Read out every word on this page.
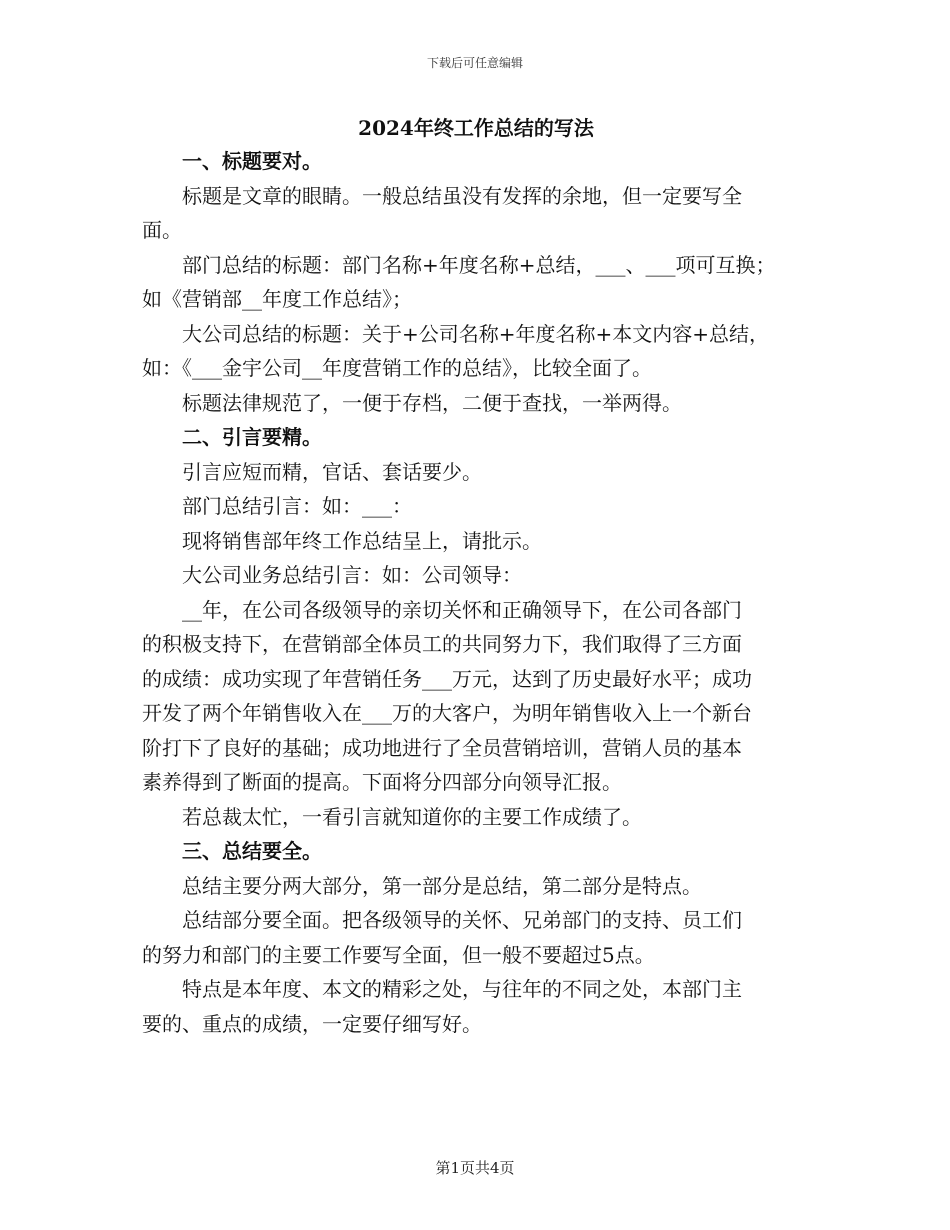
下载后可任意编辑
2024年终工作总结的写法
一、标题要对。
标题是文章的眼睛。一般总结虽没有发挥的余地，但一定要写全
面。
部门总结的标题：部门名称+年度名称+总结，___、___项可互换；
如《营销部__年度工作总结》；
大公司总结的标题：关于+公司名称+年度名称+本文内容+总结，
如：《___金宇公司__年度营销工作的总结》，比较全面了。
标题法律规范了，一便于存档，二便于查找，一举两得。
二、引言要精。
引言应短而精，官话、套话要少。
部门总结引言：如：___：
现将销售部年终工作总结呈上，请批示。
大公司业务总结引言：如：公司领导：
__年，在公司各级领导的亲切关怀和正确领导下，在公司各部门
的积极支持下，在营销部全体员工的共同努力下，我们取得了三方面
的成绩：成功实现了年营销任务___万元，达到了历史最好水平；成功
开发了两个年销售收入在___万的大客户，为明年销售收入上一个新台
阶打下了良好的基础；成功地进行了全员营销培训，营销人员的基本
素养得到了断面的提高。下面将分四部分向领导汇报。
若总裁太忙，一看引言就知道你的主要工作成绩了。
三、总结要全。
总结主要分两大部分，第一部分是总结，第二部分是特点。
总结部分要全面。把各级领导的关怀、兄弟部门的支持、员工们
的努力和部门的主要工作要写全面，但一般不要超过5点。
特点是本年度、本文的精彩之处，与往年的不同之处，本部门主
要的、重点的成绩，一定要仔细写好。
第1页共4页
